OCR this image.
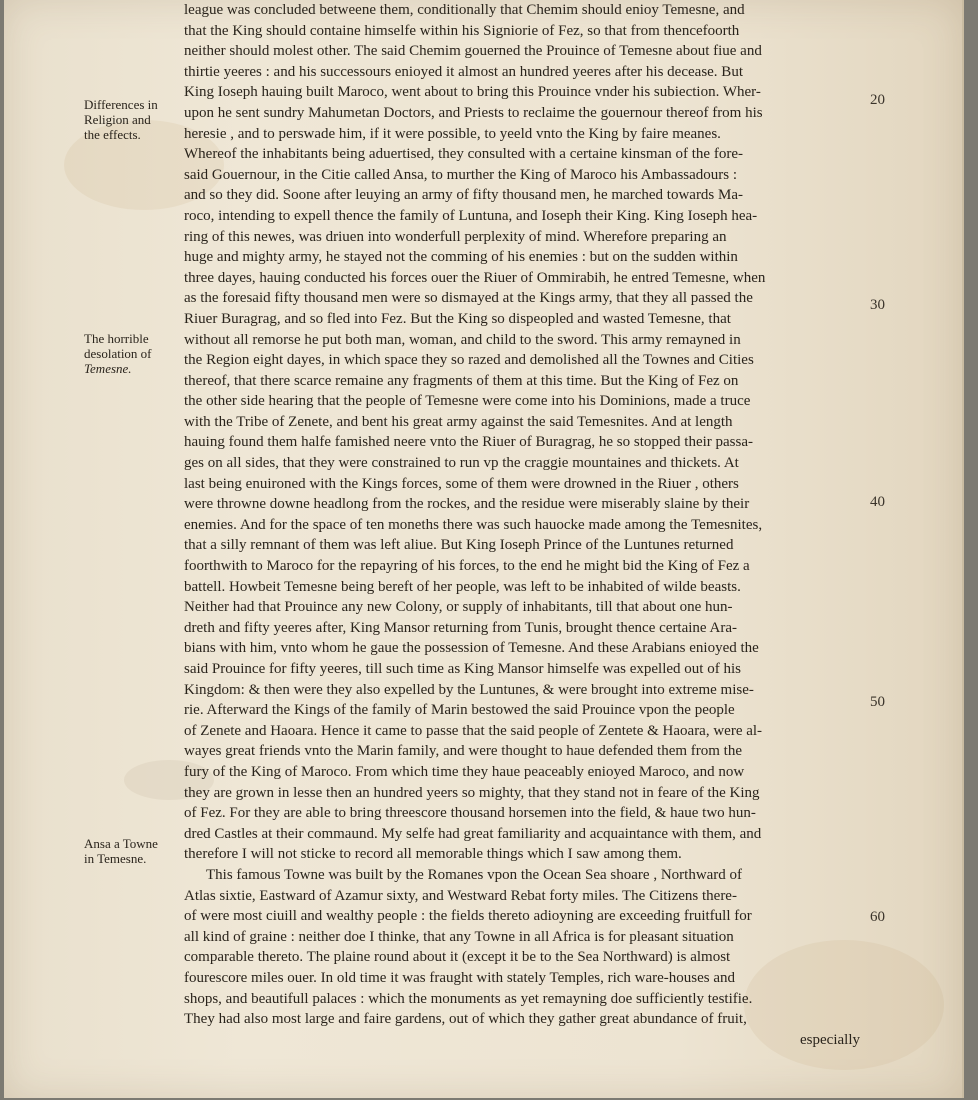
league was concluded betweene them, conditionally that Chemim should enioy Temesne, and
that the King should containe himselfe within his Signiorie of Fez, so that from thencefoorth
neither should molest other. The said Chemim gouerned the Prouince of Temesne about fiue and
thirtie yeeres : and his successours enioyed it almost an hundred yeeres after his decease. But
King Ioseph hauing built Maroco, went about to bring this Prouince vnder his subiection. Wher-
upon he sent sundry Mahumetan Doctors, and Priests to reclaime the gouernour thereof from his
heresie , and to perswade him, if it were possible, to yeeld vnto the King by faire meanes.
Whereof the inhabitants being aduertised, they consulted with a certaine kinsman of the fore-
said Gouernour, in the Citie called Ansa, to murther the King of Maroco his Ambassadours :
and so they did. Soone after leuying an army of fifty thousand men, he marched towards Ma-
roco, intending to expell thence the family of Luntuna, and Ioseph their King. King Ioseph hea-
ring of this newes, was driuen into wonderfull perplexity of mind. Wherefore preparing an
huge and mighty army, he stayed not the comming of his enemies : but on the sudden within
three dayes, hauing conducted his forces ouer the Riuer of Ommirabih, he entred Temesne, when
as the foresaid fifty thousand men were so dismayed at the Kings army, that they all passed the
Riuer Buragrag, and so fled into Fez. But the King so dispeopled and wasted Temesne, that
without all remorse he put both man, woman, and child to the sword. This army remayned in
the Region eight dayes, in which space they so razed and demolished all the Townes and Cities
thereof, that there scarce remaine any fragments of them at this time. But the King of Fez on
the other side hearing that the people of Temesne were come into his Dominions, made a truce
with the Tribe of Zenete, and bent his great army against the said Temesnites. And at length
hauing found them halfe famished neere vnto the Riuer of Buragrag, he so stopped their passa-
ges on all sides, that they were constrained to run vp the craggie mountaines and thickets. At
last being enuironed with the Kings forces, some of them were drowned in the Riuer , others
were throwne downe headlong from the rockes, and the residue were miserably slaine by their
enemies. And for the space of ten moneths there was such hauocke made among the Temesnites,
that a silly remnant of them was left aliue. But King Ioseph Prince of the Luntunes returned
foorthwith to Maroco for the repayring of his forces, to the end he might bid the King of Fez a
battell. Howbeit Temesne being bereft of her people, was left to be inhabited of wilde beasts.
Neither had that Prouince any new Colony, or supply of inhabitants, till that about one hun-
dreth and fifty yeeres after, King Mansor returning from Tunis, brought thence certaine Ara-
bians with him, vnto whom he gaue the possession of Temesne. And these Arabians enioyed the
said Prouince for fifty yeeres, till such time as King Mansor himselfe was expelled out of his
Kingdom: & then were they also expelled by the Luntunes, & were brought into extreme mise-
rie. Afterward the Kings of the family of Marin bestowed the said Prouince vpon the people
of Zenete and Haoara. Hence it came to passe that the said people of Zentete & Haoara, were al-
wayes great friends vnto the Marin family, and were thought to haue defended them from the
fury of the King of Maroco. From which time they haue peaceably enioyed Maroco, and now
they are grown in lesse then an hundred yeers so mighty, that they stand not in feare of the King
of Fez. For they are able to bring threescore thousand horsemen into the field, & haue two hun-
dred Castles at their commaund. My selfe had great familiarity and acquaintance with them, and
therefore I will not sticke to record all memorable things which I saw among them.
This famous Towne was built by the Romanes vpon the Ocean Sea shoare , Northward of
Atlas sixtie, Eastward of Azamur sixty, and Westward Rebat forty miles. The Citizens there-
of were most ciuill and wealthy people : the fields thereto adioyning are exceeding fruitfull for
all kind of graine : neither doe I thinke, that any Towne in all Africa is for pleasant situation
comparable thereto. The plaine round about it (except it be to the Sea Northward) is almost
fourescore miles ouer. In old time it was fraught with stately Temples, rich ware-houses and
shops, and beautifull palaces : which the monuments as yet remayning doe sufficiently testifie.
They had also most large and faire gardens, out of which they gather great abundance of fruit,
especially
Differences in
Religion and
the effects.
The horrible
desolation of
Temesne.
Ansa a Towne
in Temesne.
20
30
40
50
60
